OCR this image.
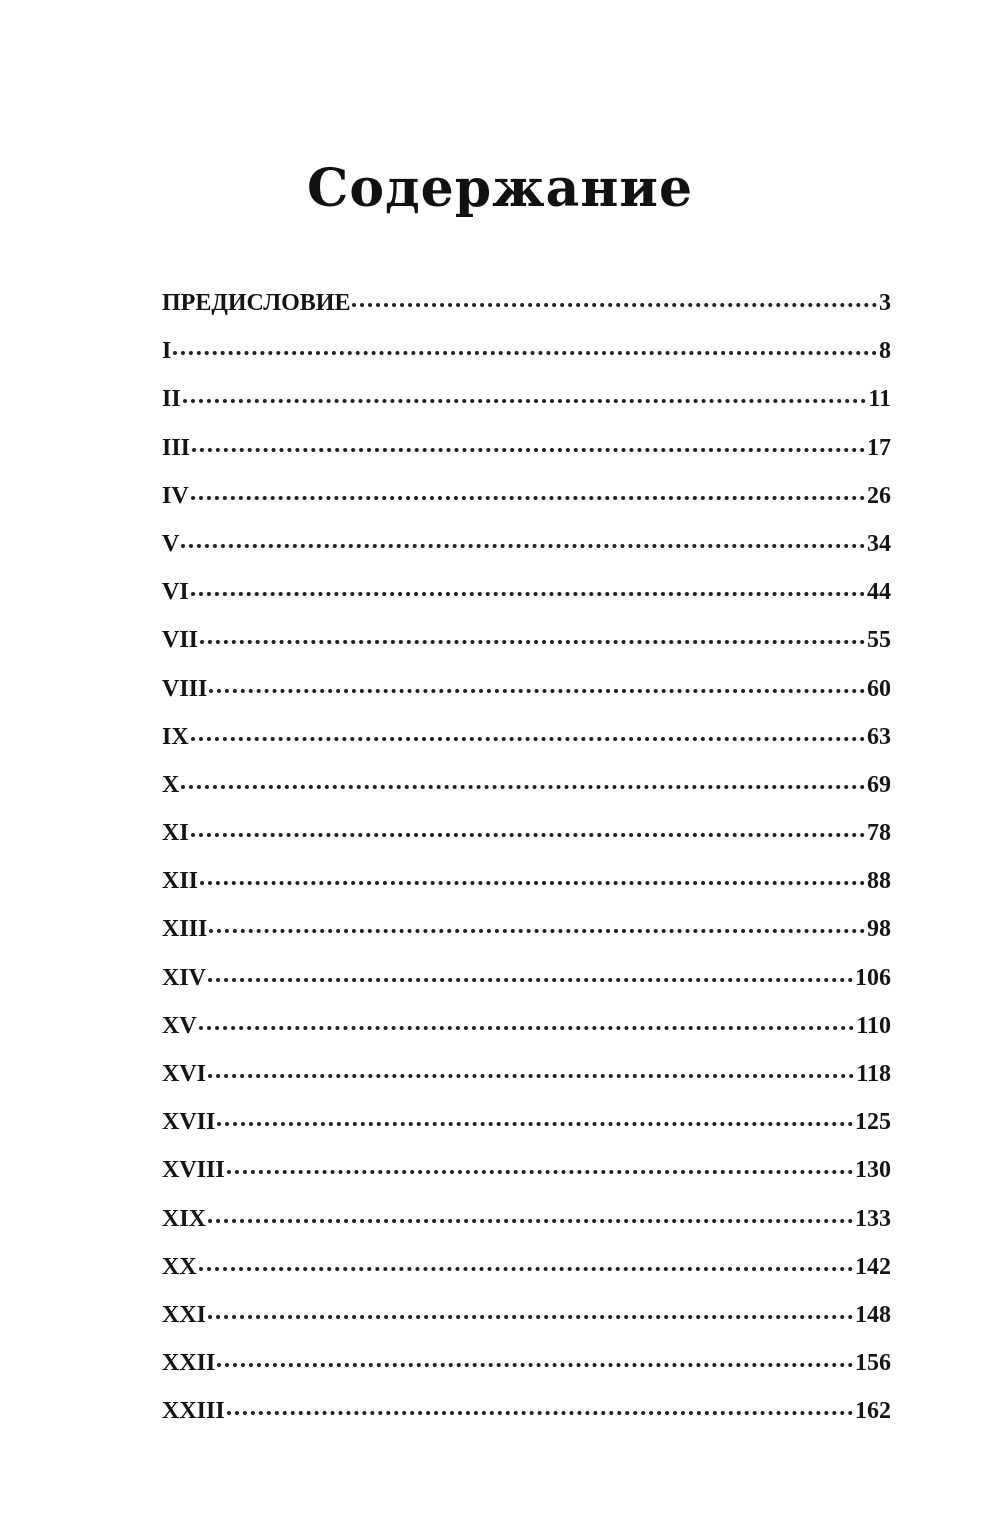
Содержание
ПРЕДИСЛОВИЕ	3
I	8
II	11
III	17
IV	26
V	34
VI	44
VII	55
VIII	60
IX	63
X	69
XI	78
XII	88
XIII	98
XIV	106
XV	110
XVI	118
XVII	125
XVIII	130
XIX	133
XX	142
XXI	148
XXII	156
XXIII	162
